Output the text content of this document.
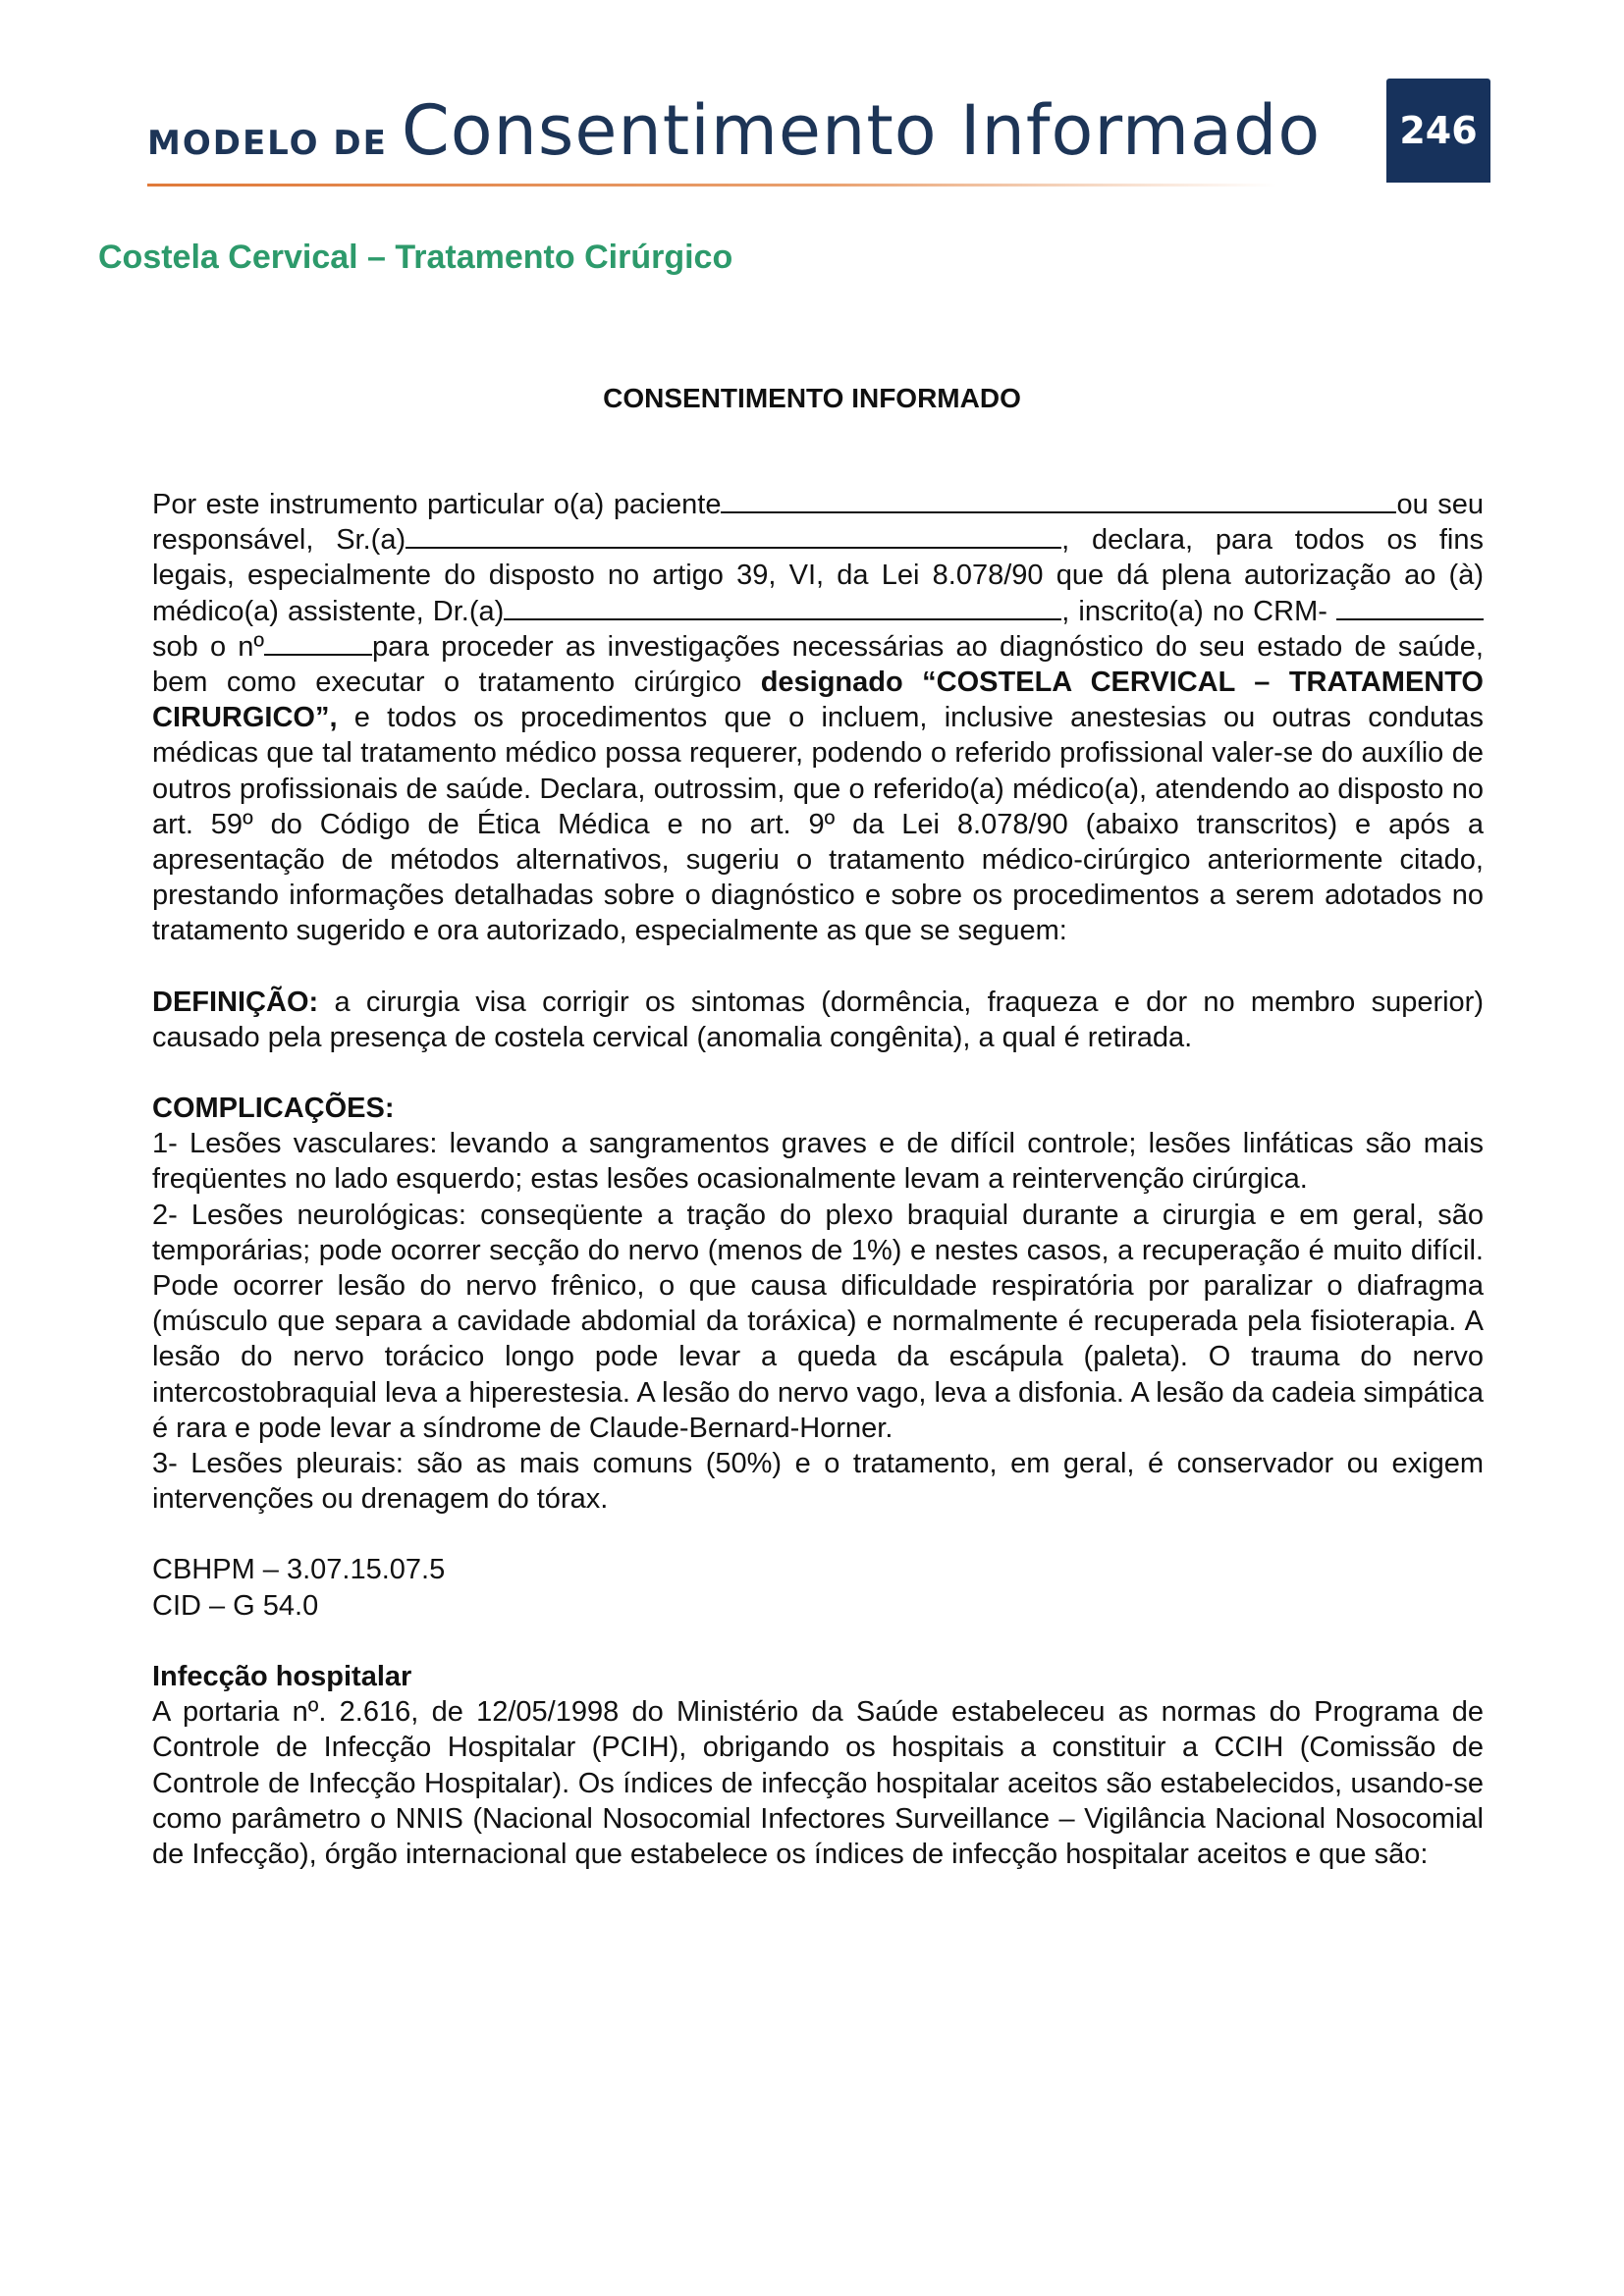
MODELO DE Consentimento Informado	246
Costela Cervical – Tratamento Cirúrgico
CONSENTIMENTO INFORMADO

Por este instrumento particular o(a) paciente	ou seu responsável, Sr.(a)	, declara, para todos os fins legais, especialmente do disposto no artigo 39, VI, da Lei 8.078/90 que dá plena autorização ao (à) médico(a) assistente, Dr.(a)	, inscrito(a) no CRM-  sob o nº	para proceder as investigações necessárias ao diagnóstico do seu estado de saúde, bem como executar o tratamento cirúrgico designado “COSTELA CERVICAL – TRATAMENTO CIRURGICO”, e todos os procedimentos que o incluem, inclusive anestesias ou outras condutas médicas que tal tratamento médico possa requerer, podendo o referido profissional valer-se do auxílio de outros profissionais de saúde. Declara, outrossim, que o referido(a) médico(a), atendendo ao disposto no art. 59º do Código de Ética Médica e no art. 9º da Lei 8.078/90 (abaixo transcritos) e após a apresentação de métodos alternativos, sugeriu o tratamento médico-cirúrgico anteriormente citado, prestando informações detalhadas sobre o diagnóstico e sobre os procedimentos a serem adotados no tratamento sugerido e ora autorizado, especialmente as que se seguem:

DEFINIÇÃO: a cirurgia visa corrigir os sintomas (dormência, fraqueza e dor no membro superior) causado pela presença de costela cervical (anomalia congênita), a qual é retirada.

COMPLICAÇÕES:

1- Lesões vasculares: levando a sangramentos graves e de difícil controle; lesões linfáticas são mais freqüentes no lado esquerdo; estas lesões ocasionalmente levam a reintervenção cirúrgica.

2- Lesões neurológicas: conseqüente a tração do plexo braquial durante a cirurgia e em geral, são temporárias; pode ocorrer secção do nervo (menos de 1%) e nestes casos, a recuperação é muito difícil. Pode ocorrer lesão do nervo frênico, o que causa dificuldade respiratória por paralizar o diafragma (músculo que separa a cavidade abdomial da toráxica) e normalmente é recuperada pela fisioterapia. A lesão do nervo torácico longo pode levar a queda da escápula (paleta). O trauma do nervo intercostobraquial leva a hiperestesia. A lesão do nervo vago, leva a disfonia. A lesão da cadeia simpática é rara e pode levar a síndrome de Claude-Bernard-Horner.

3- Lesões pleurais: são as mais comuns (50%) e o tratamento, em geral, é conservador ou exigem intervenções ou drenagem do tórax.

CBHPM – 3.07.15.07.5

CID – G 54.0

Infecção hospitalar

A portaria nº. 2.616, de 12/05/1998 do Ministério da Saúde estabeleceu as normas do Programa de Controle de Infecção Hospitalar (PCIH), obrigando os hospitais a constituir a CCIH (Comissão de Controle de Infecção Hospitalar). Os índices de infecção hospitalar aceitos são estabelecidos, usando-se como parâmetro o NNIS (Nacional Nosocomial Infectores Surveillance – Vigilância Nacional Nosocomial de Infecção), órgão internacional que estabelece os índices de infecção hospitalar aceitos e que são:
